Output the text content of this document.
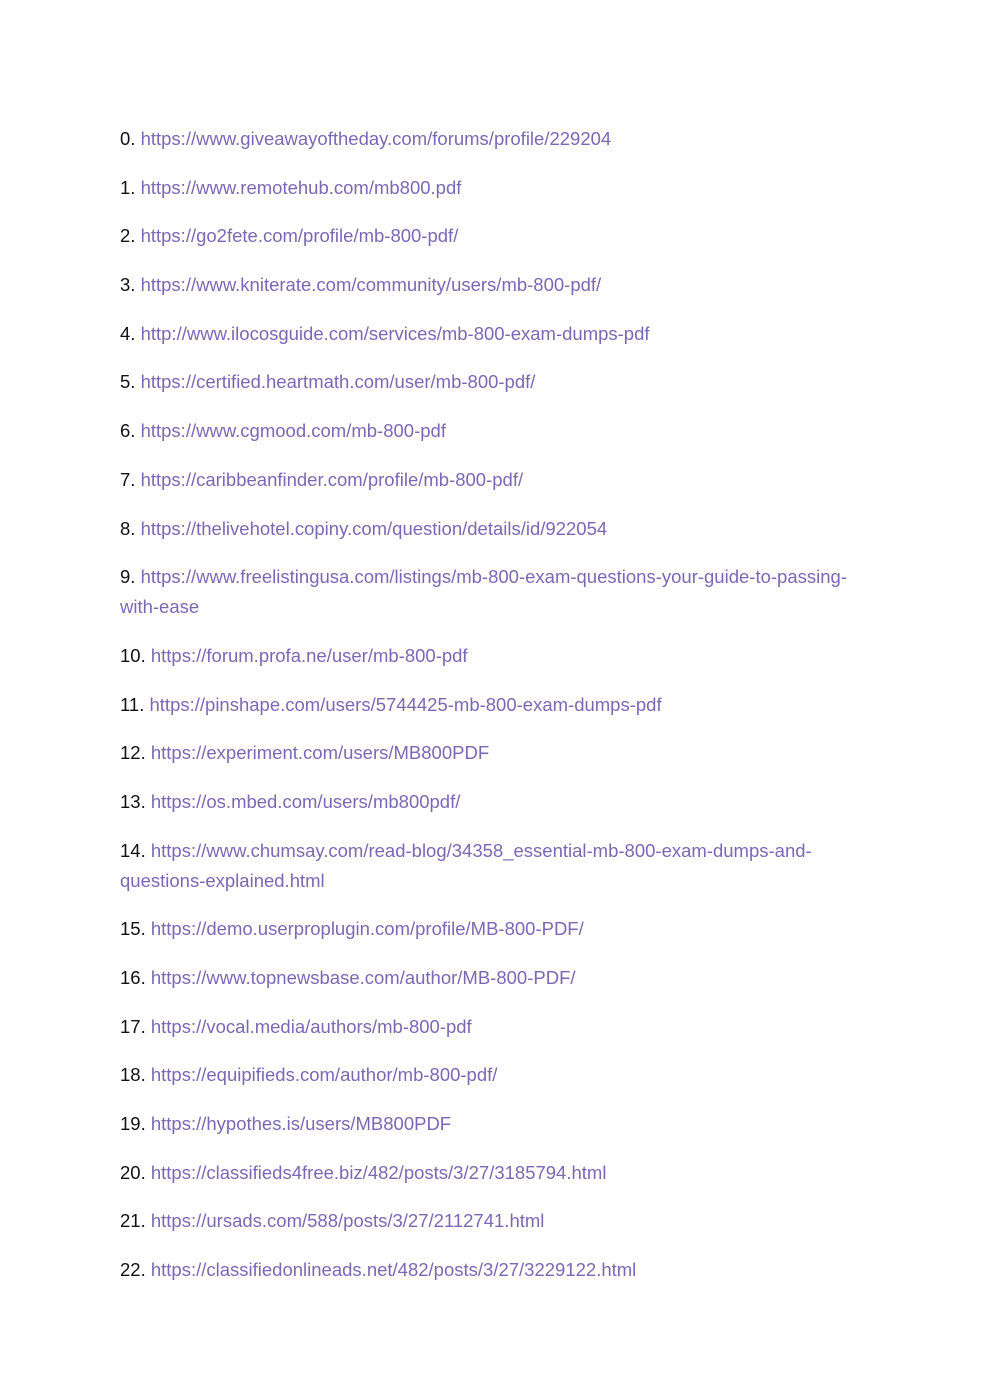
0. https://www.giveawayoftheday.com/forums/profile/229204
1. https://www.remotehub.com/mb800.pdf
2. https://go2fete.com/profile/mb-800-pdf/
3. https://www.kniterate.com/community/users/mb-800-pdf/
4. http://www.ilocosguide.com/services/mb-800-exam-dumps-pdf
5. https://certified.heartmath.com/user/mb-800-pdf/
6. https://www.cgmood.com/mb-800-pdf
7. https://caribbeanfinder.com/profile/mb-800-pdf/
8. https://thelivehotel.copiny.com/question/details/id/922054
9. https://www.freelistingusa.com/listings/mb-800-exam-questions-your-guide-to-passing-with-ease
10. https://forum.profa.ne/user/mb-800-pdf
11. https://pinshape.com/users/5744425-mb-800-exam-dumps-pdf
12. https://experiment.com/users/MB800PDF
13. https://os.mbed.com/users/mb800pdf/
14. https://www.chumsay.com/read-blog/34358_essential-mb-800-exam-dumps-and-questions-explained.html
15. https://demo.userproplugin.com/profile/MB-800-PDF/
16. https://www.topnewsbase.com/author/MB-800-PDF/
17. https://vocal.media/authors/mb-800-pdf
18. https://equipifieds.com/author/mb-800-pdf/
19. https://hypothes.is/users/MB800PDF
20. https://classifieds4free.biz/482/posts/3/27/3185794.html
21. https://ursads.com/588/posts/3/27/2112741.html
22. https://classifiedonlineads.net/482/posts/3/27/3229122.html
